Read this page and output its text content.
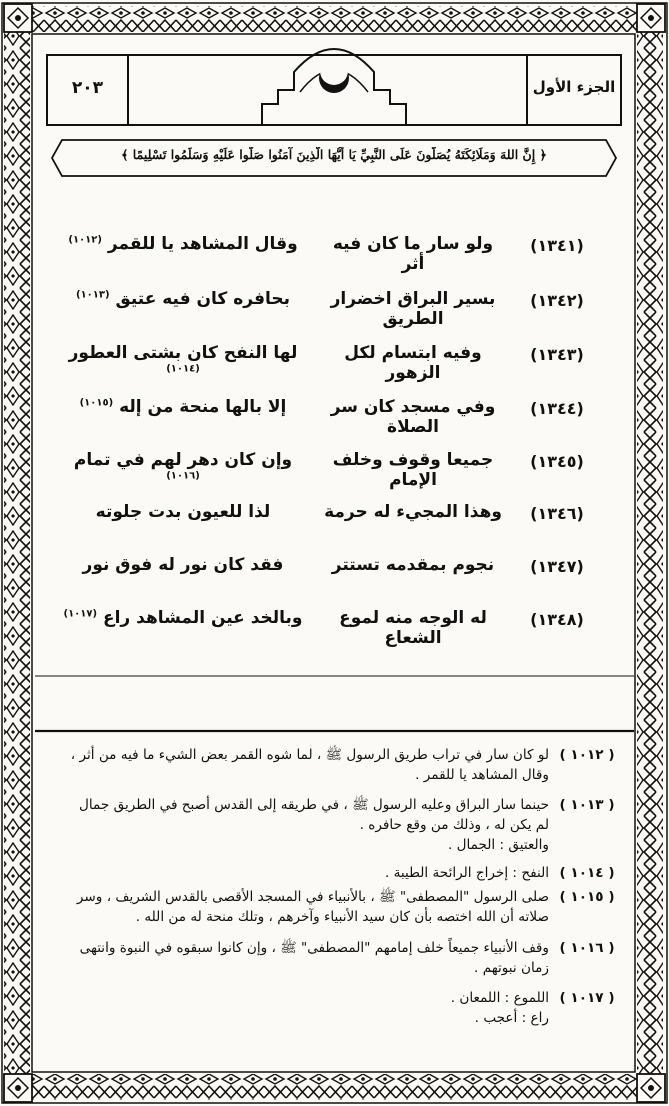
الجزء الأول
٢٠٣
﴿ إِنَّ اللهَ وَمَلَائِكَتَهُ يُصَلُّونَ عَلَى النَّبِيِّ يَا أَيُّهَا الَّذِينَ آمَنُوا صَلُّوا عَلَيْهِ وَسَلِّمُوا تَسْلِيمًا ﴾
(١٣٤١)
ولو سار ما كان فيه أثر
وقال المشاهد يا للقمر $^{(١٠١٢)}$
(١٣٤٢)
بسير البراق اخضرار الطريق
بحافره كان فيه عتيق $^{(١٠١٣)}$
(١٣٤٣)
وفيه ابتسام لكل الزهور
لها النفح كان بشتى العطور $^{(١٠١٤)}$
(١٣٤٤)
وفي مسجد كان سر الصلاة
إلا بالها منحة من إله $^{(١٠١٥)}$
(١٣٤٥)
جميعا وقوف وخلف الإمام
وإن كان دهر لهم في تمام $^{(١٠١٦)}$
(١٣٤٦)
وهذا المجيء له حرمة
لذا للعيون بدت جلوته
(١٣٤٧)
نجوم بمقدمه تستتر
فقد كان نور له فوق نور
(١٣٤٨)
له الوجه منه لموع الشعاع
وبالخد عين المشاهد راع $^{(١٠١٧)}$
( ١٠١٢ )
لو كان سار في تراب طريق الرسول ﷺ ، لما شوه القمر بعض الشيء ما فيه من أثر ،
وقال المشاهد يا للقمر .
( ١٠١٣ )
حينما سار البراق وعليه الرسول ﷺ ، في طريقه إلى القدس أصبح في الطريق جمال
لم يكن له ، وذلك من وقع حافره .
والعتيق : الجمال .
( ١٠١٤ )
النفح : إخراج الرائحة الطيبة .
( ١٠١٥ )
صلى الرسول "المصطفى" ﷺ ، بالأنبياء في المسجد الأقصى بالقدس الشريف ، وسر
صلاته أن الله اختصه بأن كان سيد الأنبياء وآخرهم ، وتلك منحة له من الله .
( ١٠١٦ )
وقف الأنبياء جميعاً خلف إمامهم "المصطفى" ﷺ ، وإن كانوا سبقوه في النبوة وانتهى
زمان نبوتهم .
( ١٠١٧ )
اللموع : اللمعان .
راع : أعجب .
